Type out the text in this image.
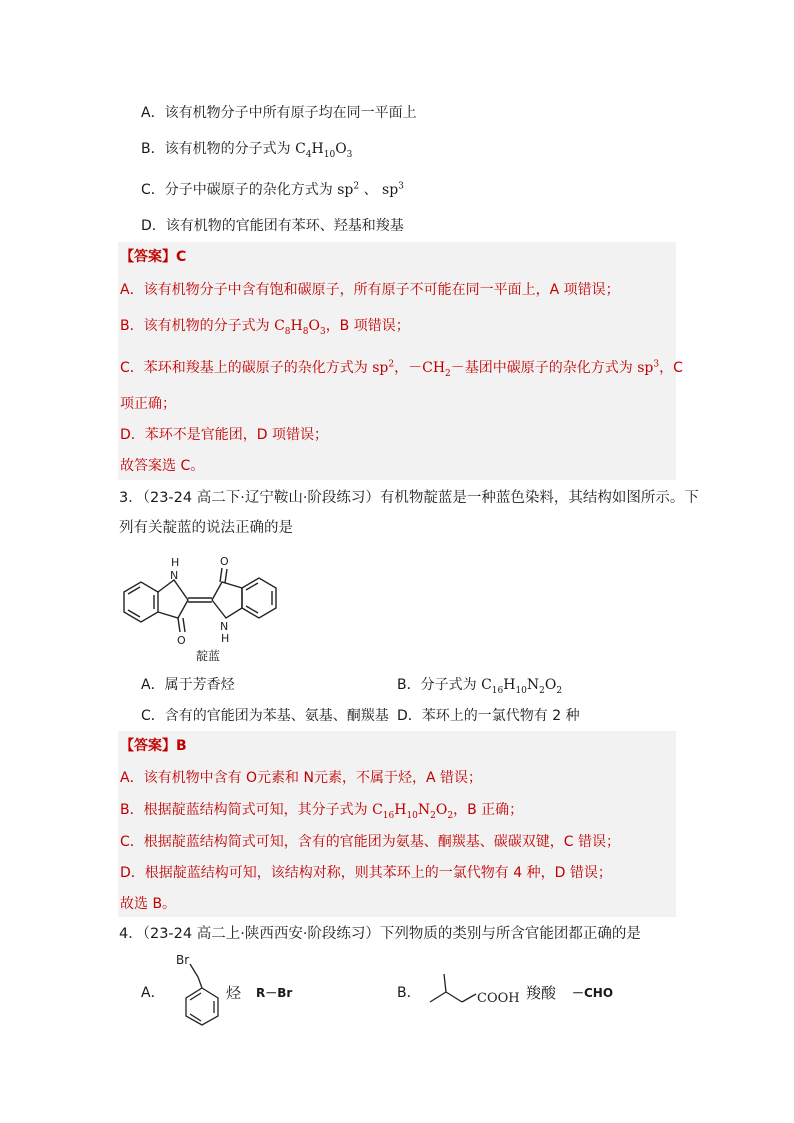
A．该有机物分子中所有原子均在同一平面上
B．该有机物的分子式为 $C_4H_{10}O_3$
C．分子中碳原子的杂化方式为 $sp^2$ 、 $sp^3$
D．该有机物的官能团有苯环、羟基和羧基
【答案】C
A．该有机物分子中含有饱和碳原子，所有原子不可能在同一平面上，A 项错误；
B．该有机物的分子式为 $C_8H_8O_3$，B 项错误；
C．苯环和羧基上的碳原子的杂化方式为 $sp^2$，$-CH_2-$基团中碳原子的杂化方式为 $sp^3$，C
项正确；
D．苯环不是官能团，D 项错误；
故答案选 C。
3．（23-24 高二下·辽宁鞍山·阶段练习）有机物靛蓝是一种蓝色染料，其结构如图所示。下
列有关靛蓝的说法正确的是
H
N
O
O
N
H
靛蓝
A．属于芳香烃	B．分子式为 $C_{16}H_{10}N_2O_2$
C．含有的官能团为苯基、氨基、酮羰基 D．苯环上的一氯代物有 2 种
【答案】B
A．该有机物中含有 O元素和 N元素，不属于烃，A 错误；
B．根据靛蓝结构简式可知，其分子式为 $C_{16}H_{10}N_2O_2$，B 正确；
C．根据靛蓝结构简式可知，含有的官能团为氨基、酮羰基、碳碳双键，C 错误；
D．根据靛蓝结构可知，该结构对称，则其苯环上的一氯代物有 4 种，D 错误；
故选 B。
4．（23-24 高二上·陕西西安·阶段练习）下列物质的类别与所含官能团都正确的是
A．
Br
烃 R－Br	B．	COOH 羧酸 －CHO
